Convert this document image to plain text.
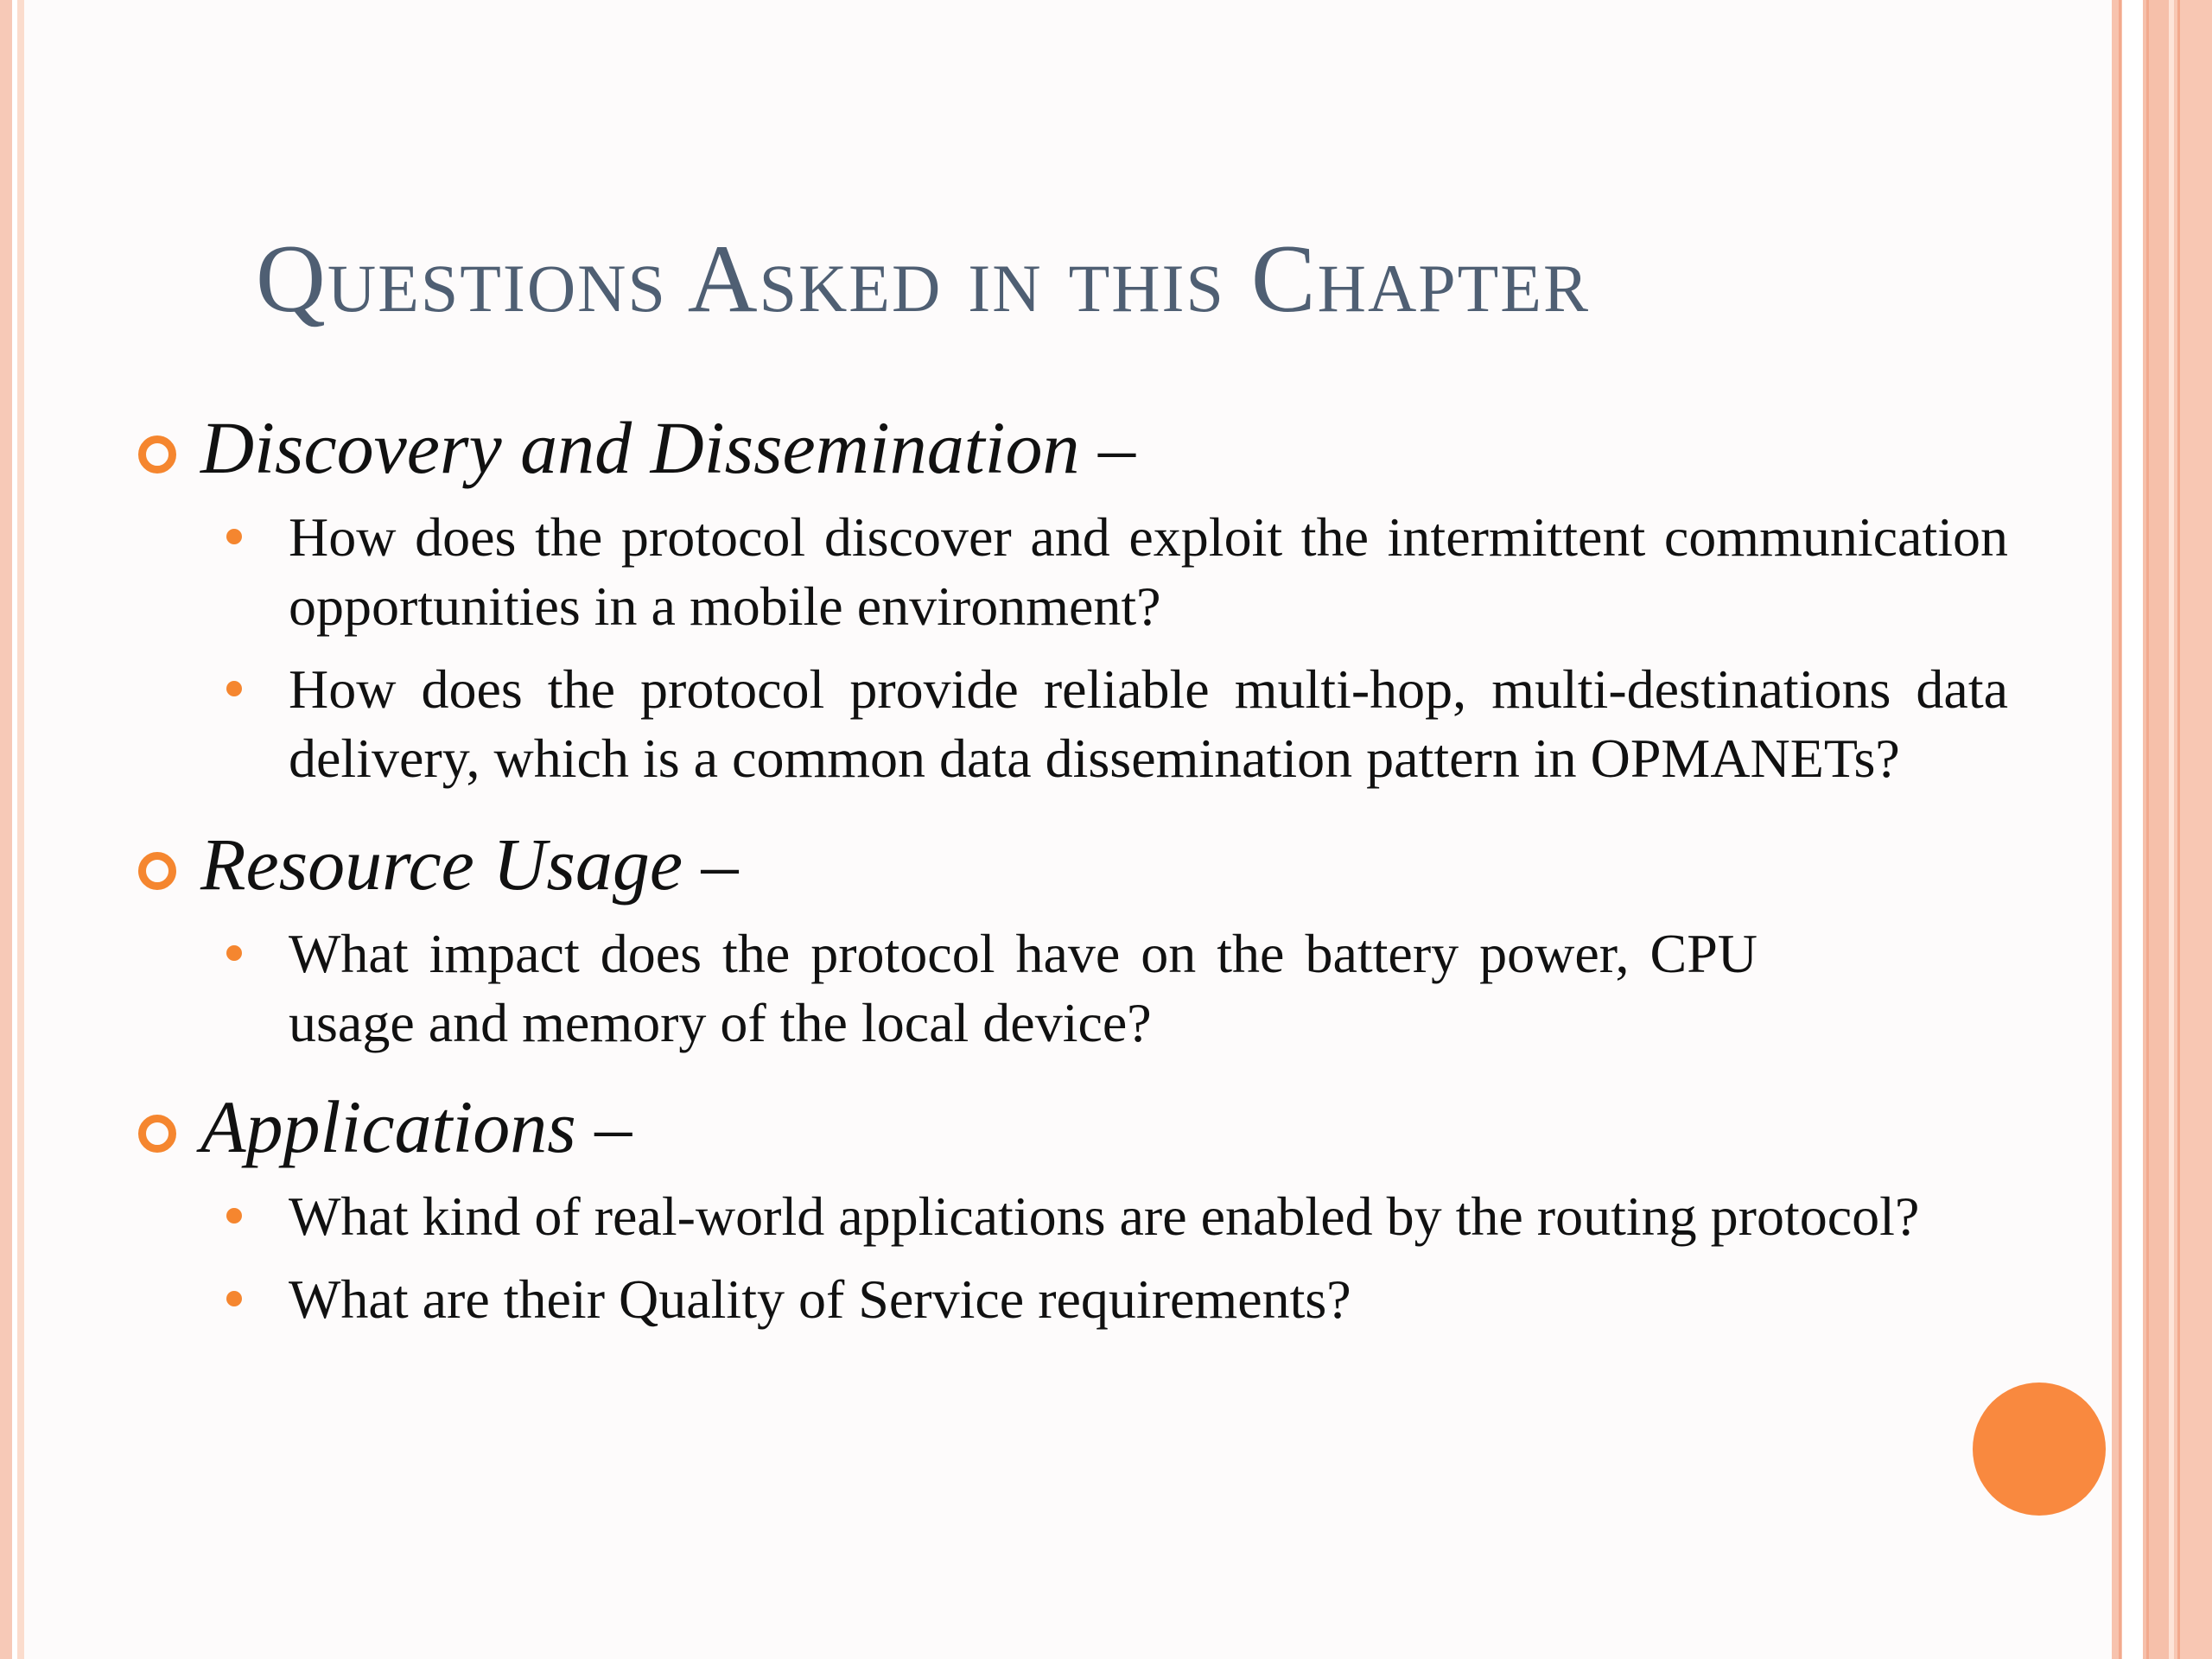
Questions Asked in this Chapter
Discovery and Dissemination –
How does the protocol discover and exploit the intermittent communication opportunities in a mobile environment?
How does the protocol provide reliable multi-hop, multi-destinations data delivery, which is a common data dissemination pattern in OPMANETs?
Resource Usage –
What impact does the protocol have on the battery power, CPU usage and memory of the local device?
Applications –
What kind of real-world applications are enabled by the routing protocol?
What are their Quality of Service requirements?
